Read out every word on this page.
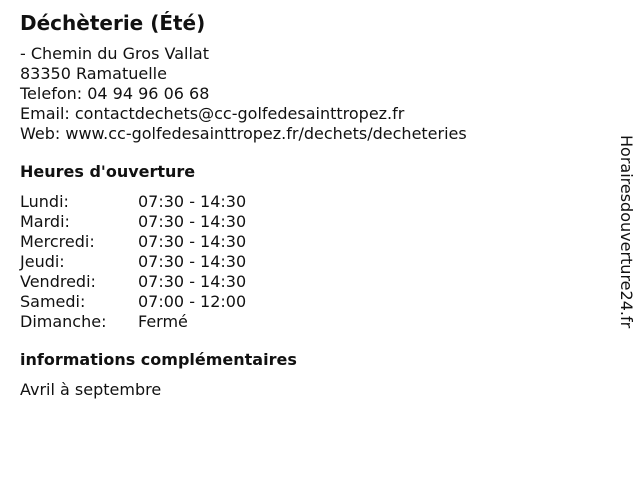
Déchèterie (Été)
- Chemin du Gros Vallat
83350 Ramatuelle
Telefon: 04 94 96 06 68
Email: contactdechets@cc-golfedesainttropez.fr
Web: www.cc-golfedesainttropez.fr/dechets/decheteries
Heures d'ouverture
Lundi:	07:30 - 14:30
Mardi:	07:30 - 14:30
Mercredi:	07:30 - 14:30
Jeudi:	07:30 - 14:30
Vendredi:	07:30 - 14:30
Samedi:	07:00 - 12:00
Dimanche:	Fermé
informations complémentaires
Avril à septembre
Horairesdouverture24.fr
